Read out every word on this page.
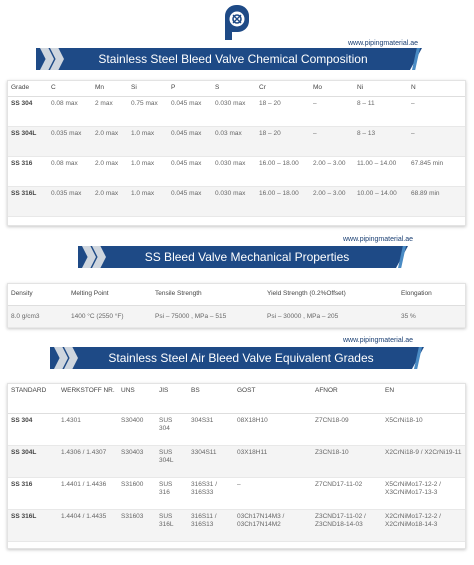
www.pipingmaterial.ae
Stainless Steel Bleed Valve Chemical Composition
Grade	C	Mn	Si	P	S	Cr	Mo	Ni	N
SS 304	0.08 max	2 max	0.75 max	0.045 max	0.030 max	18 – 20	–	8 – 11	–
SS 304L	0.035 max	2.0 max	1.0 max	0.045 max	0.03 max	18 – 20	–	8 – 13	–
SS 316	0.08 max	2.0 max	1.0 max	0.045 max	0.030 max	16.00 – 18.00	2.00 – 3.00	11.00 – 14.00	67.845 min
SS 316L	0.035 max	2.0 max	1.0 max	0.045 max	0.030 max	16.00 – 18.00	2.00 – 3.00	10.00 – 14.00	68.89 min
www.pipingmaterial.ae
SS Bleed Valve Mechanical Properties
Density	Melting Point	Tensile Strength	Yield Strength (0.2%Offset)	Elongation
8.0 g/cm3	1400 °C (2550 °F)	Psi – 75000 , MPa – 515	Psi – 30000 , MPa – 205	35 %
www.pipingmaterial.ae
Stainless Steel Air Bleed Valve Equivalent Grades
STANDARD	WERKSTOFF NR.	UNS	JIS	BS	GOST	AFNOR	EN
SS 304	1.4301	S30400	SUS 304	304S31	08Х18Н10	Z7CN18‐09	X5CrNi18-10
SS 304L	1.4306 / 1.4307	S30403	SUS 304L	3304S11	03Х18Н11	Z3CN18‐10	X2CrNi18-9 / X2CrNi19-11
SS 316	1.4401 / 1.4436	S31600	SUS 316	316S31 / 316S33	–	Z7CND17‐11‐02	X5CrNiMo17-12-2 / X3CrNiMo17-13-3
SS 316L	1.4404 / 1.4435	S31603	SUS 316L	316S11 / 316S13	03Ch17N14M3 / 03Ch17N14M2	Z3CND17‐11‐02 / Z3CND18‐14‐03	X2CrNiMo17-12-2 / X2CrNiMo18-14-3
